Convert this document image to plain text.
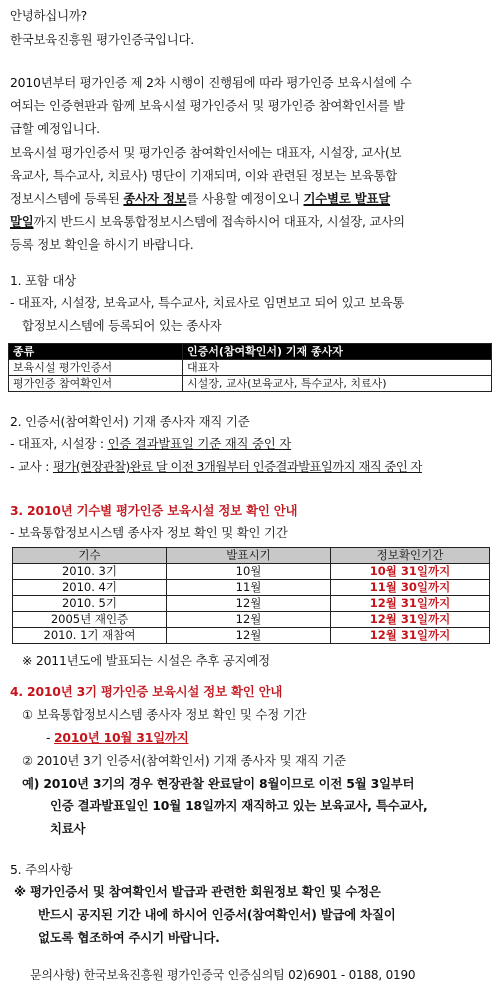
안녕하십니까?
한국보육진흥원 평가인증국입니다.
2010년부터 평가인증 제 2차 시행이 진행됨에 따라 평가인증 보육시설에 수
여되는 인증현판과 함께 보육시설 평가인증서 및 평가인증 참여확인서를 발
급할 예정입니다.
보육시설 평가인증서 및 평가인증 참여확인서에는 대표자, 시설장, 교사(보
육교사, 특수교사, 치료사) 명단이 기재되며, 이와 관련된 정보는 보육통합
정보시스템에 등록된 종사자 정보를 사용할 예정이오니 기수별로 발표달
말일까지 반드시 보육통합정보시스템에 접속하시어 대표자, 시설장, 교사의
등록 정보 확인을 하시기 바랍니다.
1. 포함 대상
- 대표자, 시설장, 보육교사, 특수교사, 치료사로 임면보고 되어 있고 보육통
합정보시스템에 등록되어 있는 종사자
종류	인증서(참여확인서) 기재 종사자
보육시설 평가인증서	대표자
평가인증 참여확인서	시설장, 교사(보육교사, 특수교사, 치료사)
2. 인증서(참여확인서) 기재 종사자 재직 기준
- 대표자, 시설장 : 인증 결과발표일 기준 재직 중인 자
- 교사 : 평가(현장관찰)완료 달 이전 3개월부터 인증결과발표일까지 재직 중인 자
3. 2010년 기수별 평가인증 보육시설 정보 확인 안내
- 보육통합정보시스템 종사자 정보 확인 및 확인 기간
기수	발표시기	정보확인기간
2010. 3기	10월	10월 31일까지
2010. 4기	11월	11월 30일까지
2010. 5기	12월	12월 31일까지
2005년 재인증	12월	12월 31일까지
2010. 1기 재참여	12월	12월 31일까지
※ 2011년도에 발표되는 시설은 추후 공지예정
4. 2010년 3기 평가인증 보육시설 정보 확인 안내
① 보육통합정보시스템 종사자 정보 확인 및 수정 기간
- 2010년 10월 31일까지
② 2010년 3기 인증서(참여확인서) 기재 종사자 및 재직 기준
예) 2010년 3기의 경우 현장관찰 완료달이 8월이므로 이전 5월 3일부터
인증 결과발표일인 10월 18일까지 재직하고 있는 보육교사, 특수교사,
치료사
5. 주의사항
※ 평가인증서 및 참여확인서 발급과 관련한 회원정보 확인 및 수정은
반드시 공지된 기간 내에 하시어 인증서(참여확인서) 발급에 차질이
없도록 협조하여 주시기 바랍니다.
문의사항) 한국보육진흥원 평가인증국 인증심의팀 02)6901 - 0188, 0190
